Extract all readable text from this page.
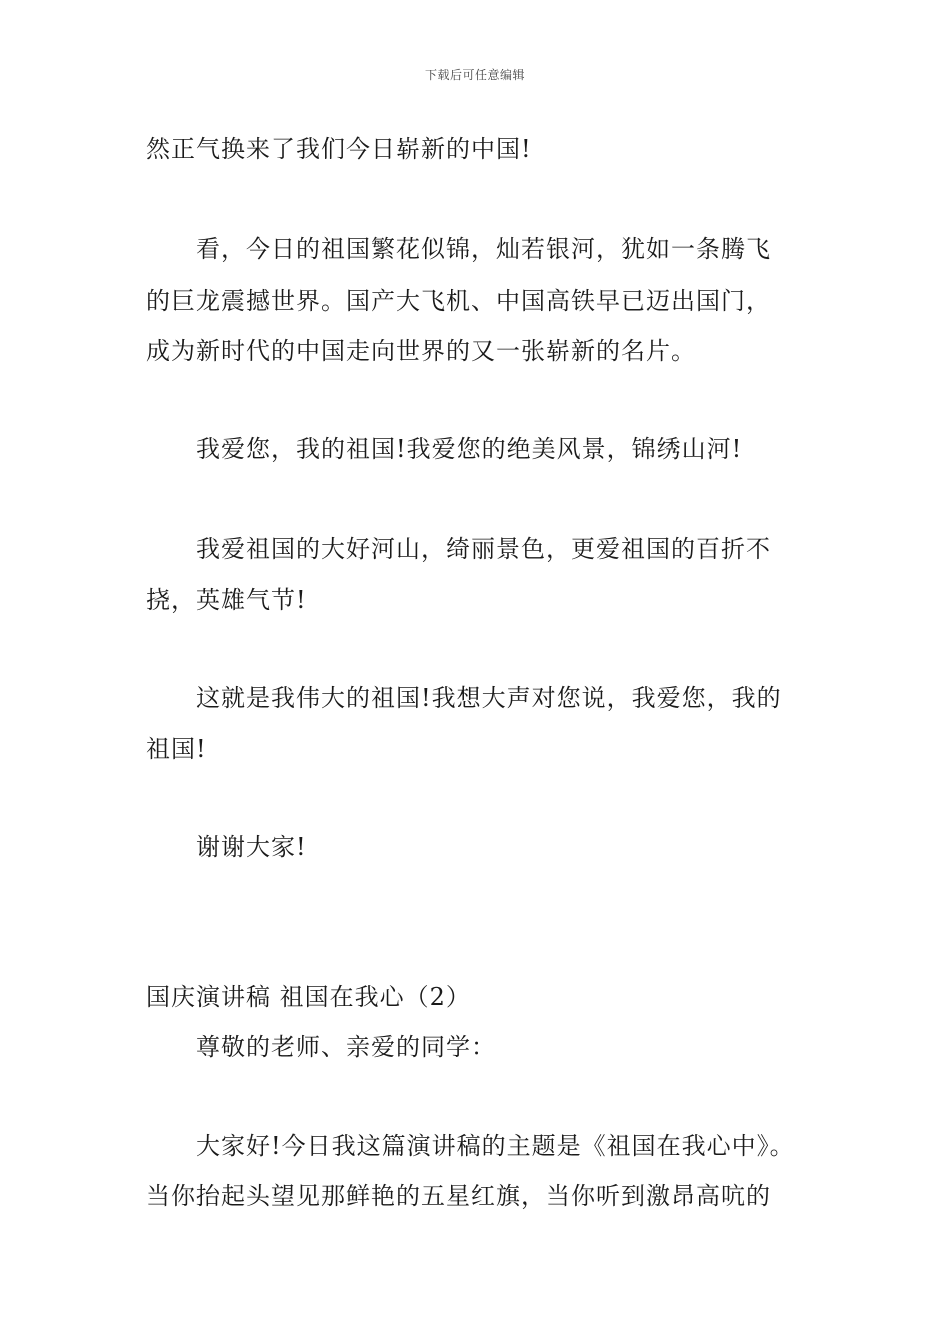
下载后可任意编辑
然正气换来了我们今日崭新的中国!
看，今日的祖国繁花似锦，灿若银河，犹如一条腾飞
的巨龙震撼世界。国产大飞机、中国高铁早已迈出国门，
成为新时代的中国走向世界的又一张崭新的名片。
我爱您，我的祖国!我爱您的绝美风景，锦绣山河!
我爱祖国的大好河山，绮丽景色，更爱祖国的百折不
挠，英雄气节!
这就是我伟大的祖国!我想大声对您说，我爱您，我的
祖国!
谢谢大家!
国庆演讲稿 祖国在我心（2）
尊敬的老师、亲爱的同学：
大家好!今日我这篇演讲稿的主题是《祖国在我心中》。
当你抬起头望见那鲜艳的五星红旗，当你听到激昂高吭的
